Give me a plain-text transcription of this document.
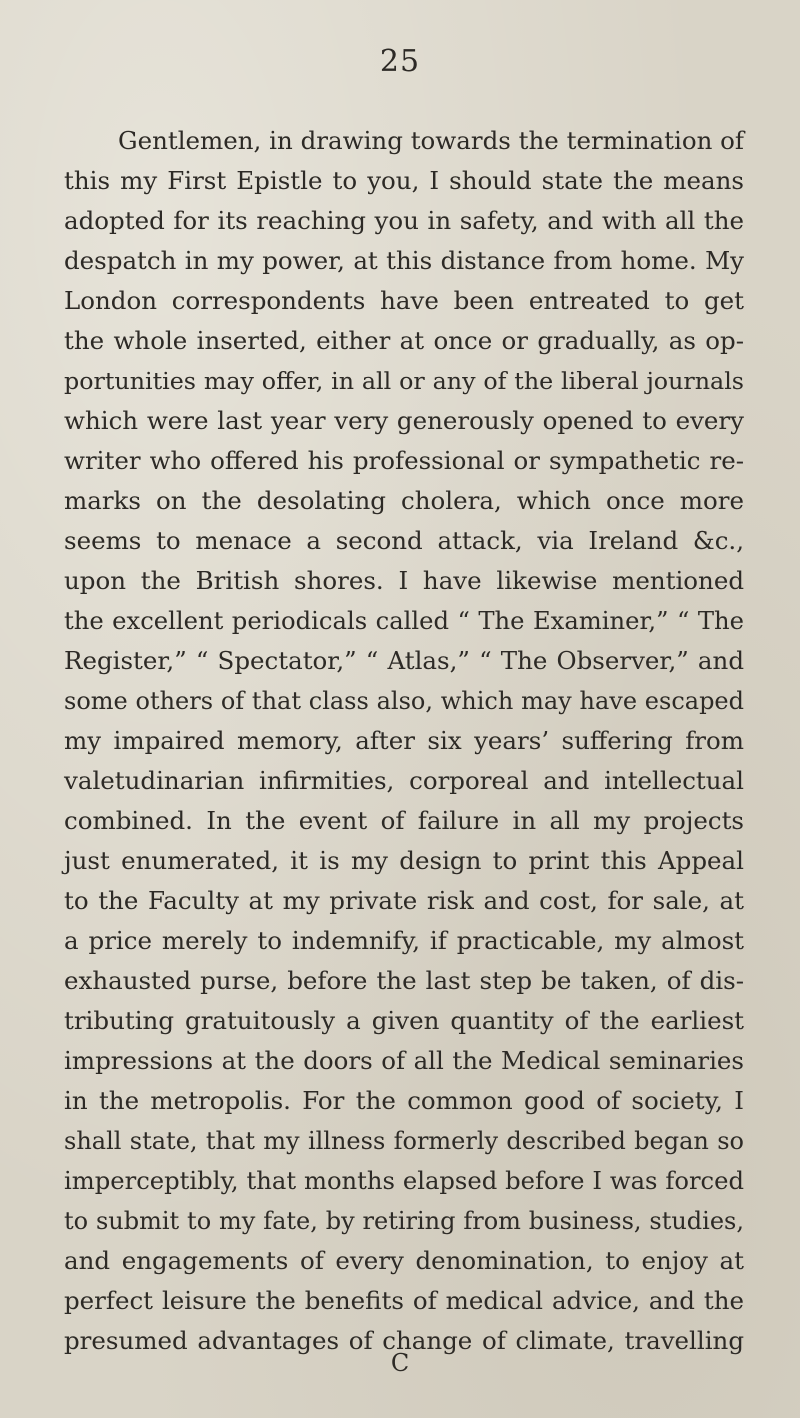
25
Gentlemen, in drawing towards the termination of
this my First Epistle to you, I should state the means
adopted for its reaching you in safety, and with all the
despatch in my power, at this distance from home. My
London correspondents have been entreated to get
the whole inserted, either at once or gradually, as op-
portunities may offer, in all or any of the liberal journals
which were last year very generously opened to every
writer who offered his professional or sympathetic re-
marks on the desolating cholera, which once more
seems to menace a second attack, via Ireland &c.,
upon the British shores. I have likewise mentioned
the excellent periodicals called “ The Examiner,” “ The
Register,” “ Spectator,” “ Atlas,” “ The Observer,” and
some others of that class also, which may have escaped
my impaired memory, after six years’ suffering from
valetudinarian infirmities, corporeal and intellectual
combined. In the event of failure in all my projects
just enumerated, it is my design to print this Appeal
to the Faculty at my private risk and cost, for sale, at
a price merely to indemnify, if practicable, my almost
exhausted purse, before the last step be taken, of dis-
tributing gratuitously a given quantity of the earliest
impressions at the doors of all the Medical seminaries
in the metropolis. For the common good of society, I
shall state, that my illness formerly described began so
imperceptibly, that months elapsed before I was forced
to submit to my fate, by retiring from business, studies,
and engagements of every denomination, to enjoy at
perfect leisure the benefits of medical advice, and the
presumed advantages of change of climate, travelling
C
